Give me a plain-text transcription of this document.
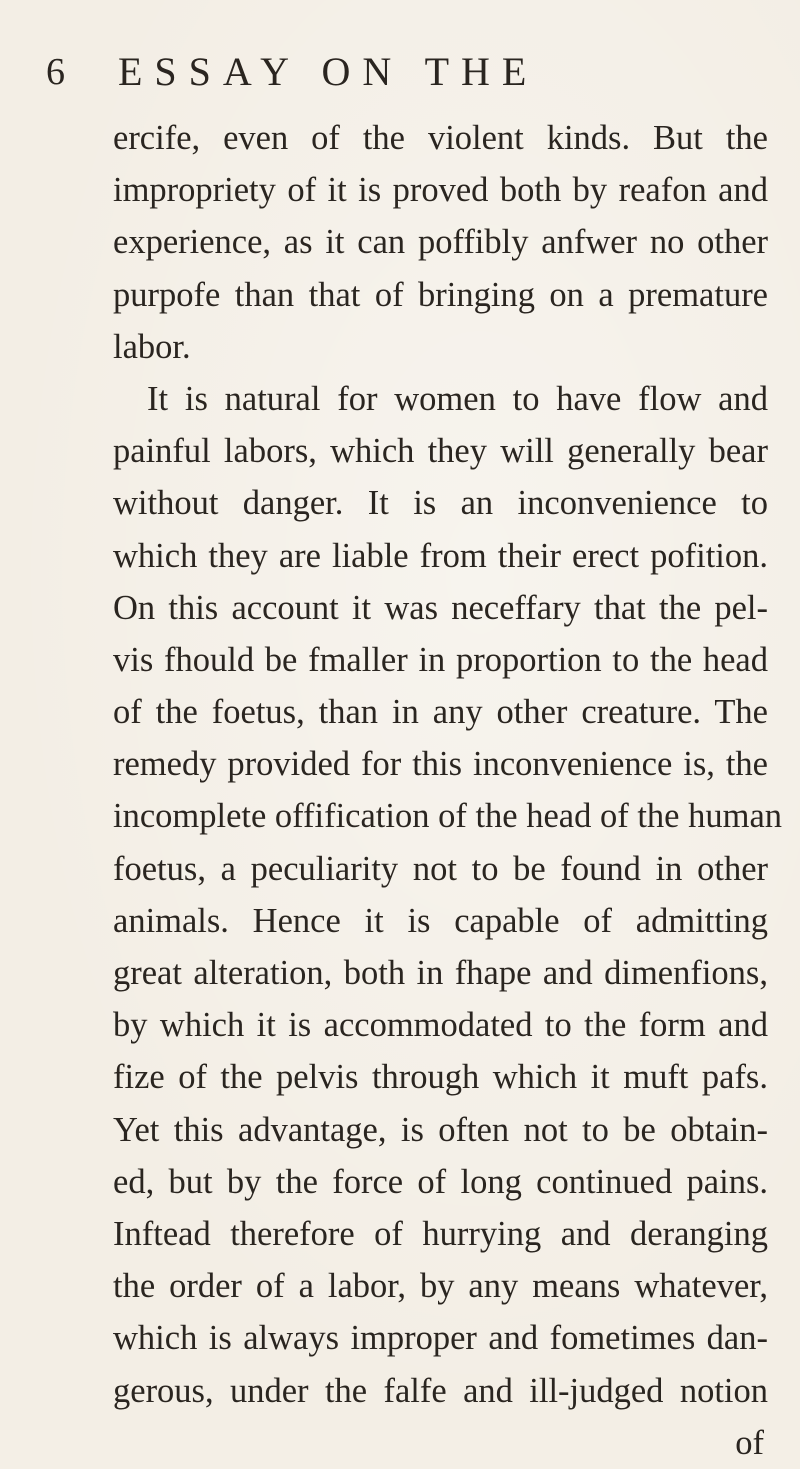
6 ESSAY ON THE
ercife, even of the violent kinds. But the
impropriety of it is proved both by reafon and
experience, as it can poffibly anfwer no other
purpofe than that of bringing on a premature
labor.
It is natural for women to have flow and
painful labors, which they will generally bear
without danger. It is an inconvenience to
which they are liable from their erect pofition.
On this account it was neceffary that the pel-
vis fhould be fmaller in proportion to the head
of the foetus, than in any other creature. The
remedy provided for this inconvenience is, the
incomplete offification of the head of the human
foetus, a peculiarity not to be found in other
animals. Hence it is capable of admitting
great alteration, both in fhape and dimenfions,
by which it is accommodated to the form and
fize of the pelvis through which it muft pafs.
Yet this advantage, is often not to be obtain-
ed, but by the force of long continued pains.
Inftead therefore of hurrying and deranging
the order of a labor, by any means whatever,
which is always improper and fometimes dan-
gerous, under the falfe and ill-judged notion
of
